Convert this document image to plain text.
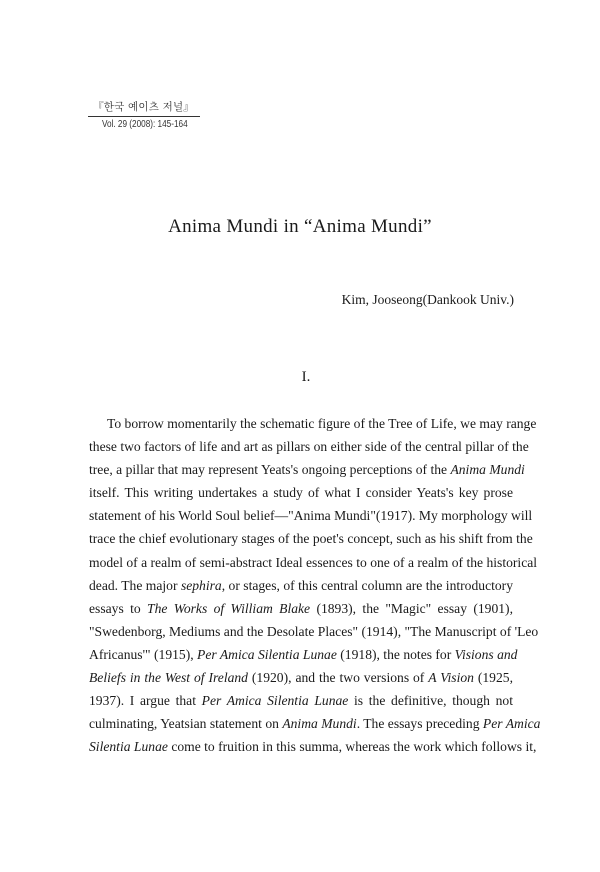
『한국 예이츠 저널』
Vol. 29 (2008): 145-164
Anima Mundi in “Anima Mundi”
Kim, Jooseong(Dankook Univ.)
I.
To borrow momentarily the schematic figure of the Tree of Life, we may range
these two factors of life and art as pillars on either side of the central pillar of the
tree, a pillar that may represent Yeats's ongoing perceptions of the Anima Mundi
itself. This writing undertakes a study of what I consider Yeats's key prose
statement of his World Soul belief—"Anima Mundi"(1917). My morphology will
trace the chief evolutionary stages of the poet's concept, such as his shift from the
model of a realm of semi-abstract Ideal essences to one of a realm of the historical
dead. The major sephira, or stages, of this central column are the introductory
essays to The Works of William Blake (1893), the "Magic" essay (1901),
"Swedenborg, Mediums and the Desolate Places" (1914), "The Manuscript of 'Leo
Africanus'" (1915), Per Amica Silentia Lunae (1918), the notes for Visions and
Beliefs in the West of Ireland (1920), and the two versions of A Vision (1925,
1937). I argue that Per Amica Silentia Lunae is the definitive, though not
culminating, Yeatsian statement on Anima Mundi. The essays preceding Per Amica
Silentia Lunae come to fruition in this summa, whereas the work which follows it,
